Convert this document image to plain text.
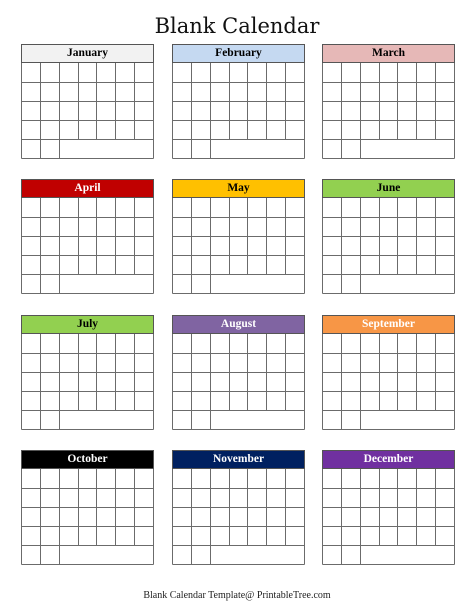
Blank Calendar
January	February	March
April	May	June
July	August	September
October	November	December
Blank Calendar Template@ PrintableTree.com
